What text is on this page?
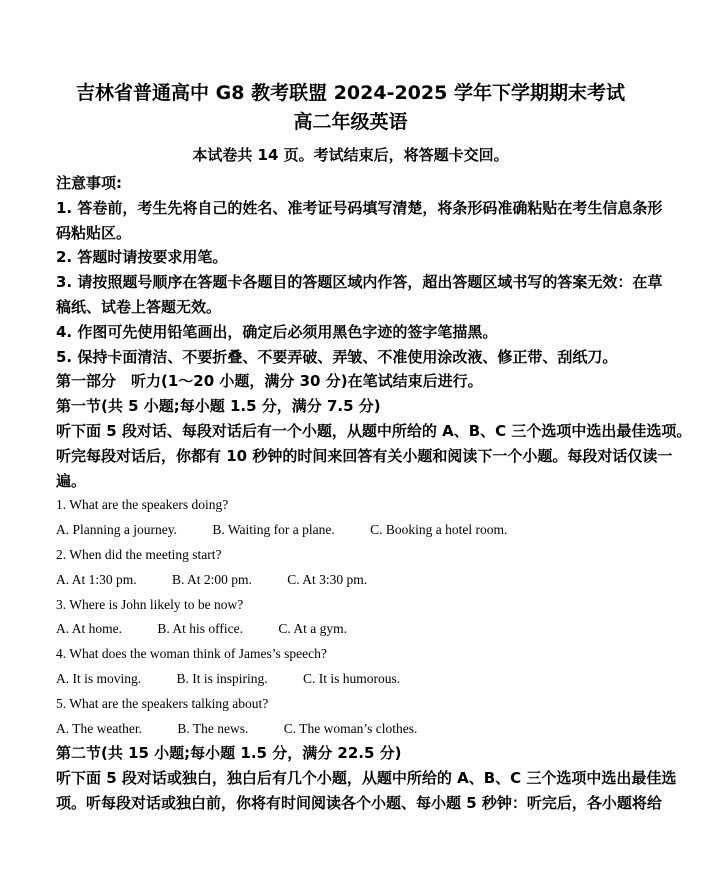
吉林省普通高中 G8 教考联盟 2024-2025 学年下学期期末考试
高二年级英语
本试卷共 14 页。考试结束后，将答题卡交回。
注意事项:
1. 答卷前，考生先将自己的姓名、准考证号码填写清楚，将条形码准确粘贴在考生信息条形
码粘贴区。
2. 答题时请按要求用笔。
3. 请按照题号顺序在答题卡各题目的答题区域内作答，超出答题区域书写的答案无效：在草
稿纸、试卷上答题无效。
4. 作图可先使用铅笔画出，确定后必须用黑色字迹的签字笔描黑。
5. 保持卡面清洁、不要折叠、不要弄破、弄皱、不准使用涂改液、修正带、刮纸刀。
第一部分　听力(1～20 小题，满分 30 分)在笔试结束后进行。
第一节(共 5 小题;每小题 1.5 分，满分 7.5 分)
听下面 5 段对话、每段对话后有一个小题，从题中所给的 A、B、C 三个选项中选出最佳选项。
听完每段对话后，你都有 10 秒钟的时间来回答有关小题和阅读下一个小题。每段对话仅读一
遍。
1. What are the speakers doing?
A. Planning a journey.	B. Waiting for a plane.	C. Booking a hotel room.
2. When did the meeting start?
A. At 1:30 pm.	B. At 2:00 pm.	C. At 3:30 pm.
3. Where is John likely to be now?
A. At home.	B. At his office.	C. At a gym.
4. What does the woman think of James’s speech?
A. It is moving.	B. It is inspiring.	C. It is humorous.
5. What are the speakers talking about?
A. The weather.	B. The news.	C. The woman’s clothes.
第二节(共 15 小题;每小题 1.5 分，满分 22.5 分)
听下面 5 段对话或独白，独白后有几个小题，从题中所给的 A、B、C 三个选项中选出最佳选
项。听每段对话或独白前，你将有时间阅读各个小题、每小题 5 秒钟：听完后，各小题将给
